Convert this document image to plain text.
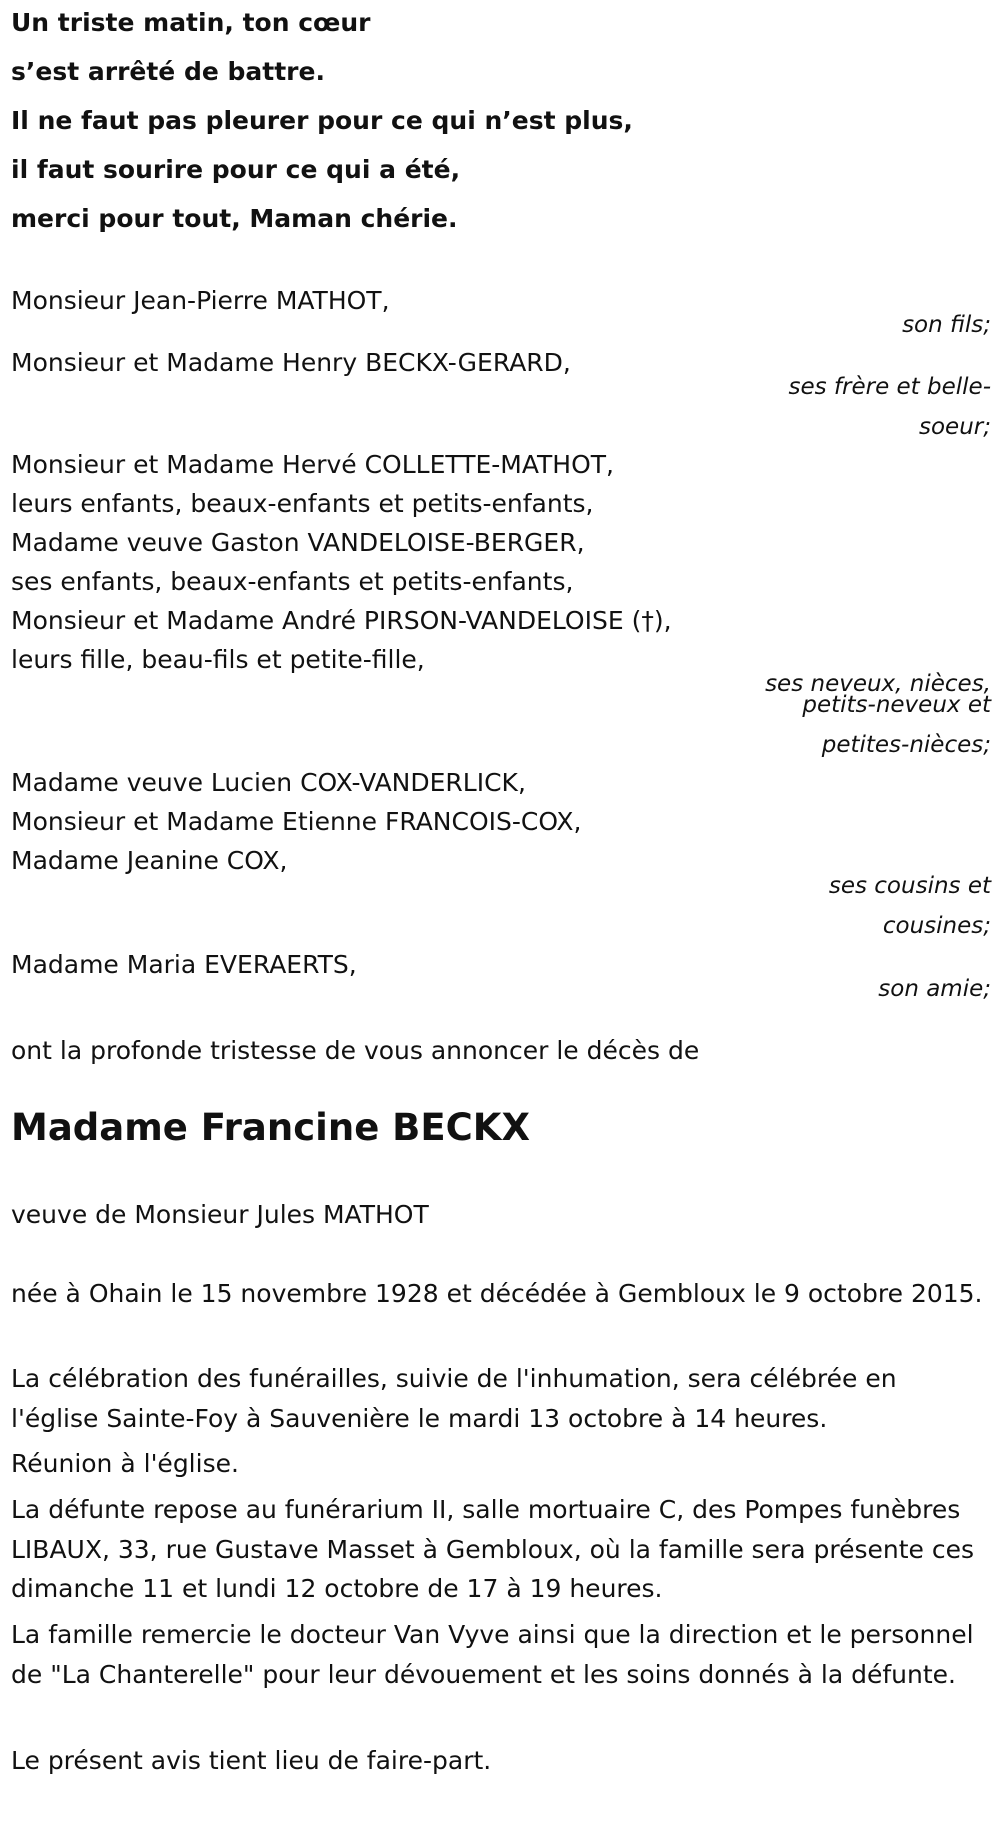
Un triste matin, ton cœur
s’est arrêté de battre.
Il ne faut pas pleurer pour ce qui n’est plus,
il faut sourire pour ce qui a été,
merci pour tout, Maman chérie.
Monsieur Jean-Pierre MATHOT,
son fils;
Monsieur et Madame Henry BECKX-GERARD,
ses frère et belle-
soeur;
Monsieur et Madame Hervé COLLETTE-MATHOT,
leurs enfants, beaux-enfants et petits-enfants,
Madame veuve Gaston VANDELOISE-BERGER,
ses enfants, beaux-enfants et petits-enfants,
Monsieur et Madame André PIRSON-VANDELOISE (†),
leurs fille, beau-fils et petite-fille,
ses neveux, nièces,
petits-neveux et
petites-nièces;
Madame veuve Lucien COX-VANDERLICK,
Monsieur et Madame Etienne FRANCOIS-COX,
Madame Jeanine COX,
ses cousins et
cousines;
Madame Maria EVERAERTS,
son amie;
ont la profonde tristesse de vous annoncer le décès de
Madame Francine BECKX
veuve de Monsieur Jules MATHOT
née à Ohain le 15 novembre 1928 et décédée à Gembloux le 9 octobre 2015.
La célébration des funérailles, suivie de l'inhumation, sera célébrée en l'église Sainte-Foy à Sauvenière le mardi 13 octobre à 14 heures.
Réunion à l'église.
La défunte repose au funérarium II, salle mortuaire C, des Pompes funèbres LIBAUX, 33, rue Gustave Masset à Gembloux, où la famille sera présente ces dimanche 11 et lundi 12 octobre de 17 à 19 heures.
La famille remercie le docteur Van Vyve ainsi que la direction et le personnel de "La Chanterelle" pour leur dévouement et les soins donnés à la défunte.
Le présent avis tient lieu de faire-part.
